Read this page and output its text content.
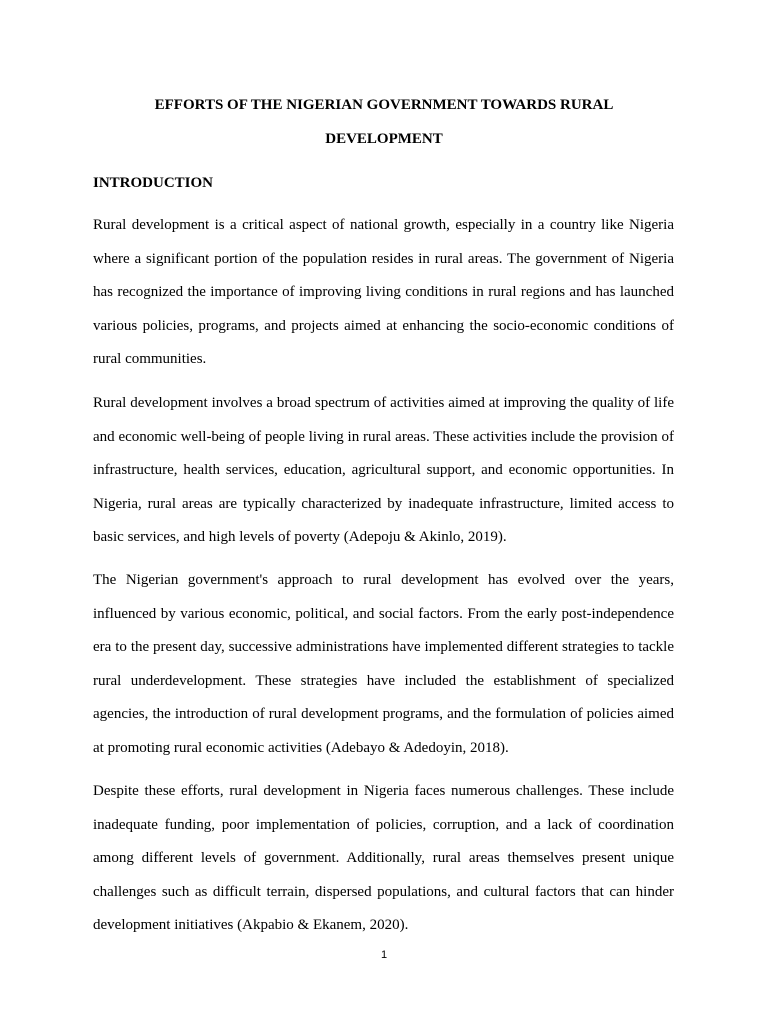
EFFORTS OF THE NIGERIAN GOVERNMENT TOWARDS RURAL
DEVELOPMENT
INTRODUCTION

Rural development is a critical aspect of national growth, especially in a country like Nigeria where a significant portion of the population resides in rural areas. The government of Nigeria has recognized the importance of improving living conditions in rural regions and has launched various policies, programs, and projects aimed at enhancing the socio-economic conditions of rural communities.

Rural development involves a broad spectrum of activities aimed at improving the quality of life and economic well-being of people living in rural areas. These activities include the provision of infrastructure, health services, education, agricultural support, and economic opportunities. In Nigeria, rural areas are typically characterized by inadequate infrastructure, limited access to basic services, and high levels of poverty (Adepoju & Akinlo, 2019).

The Nigerian government's approach to rural development has evolved over the years, influenced by various economic, political, and social factors. From the early post-independence era to the present day, successive administrations have implemented different strategies to tackle rural underdevelopment. These strategies have included the establishment of specialized agencies, the introduction of rural development programs, and the formulation of policies aimed at promoting rural economic activities (Adebayo & Adedoyin, 2018).

Despite these efforts, rural development in Nigeria faces numerous challenges. These include inadequate funding, poor implementation of policies, corruption, and a lack of coordination among different levels of government. Additionally, rural areas themselves present unique challenges such as difficult terrain, dispersed populations, and cultural factors that can hinder development initiatives (Akpabio & Ekanem, 2020).

1
